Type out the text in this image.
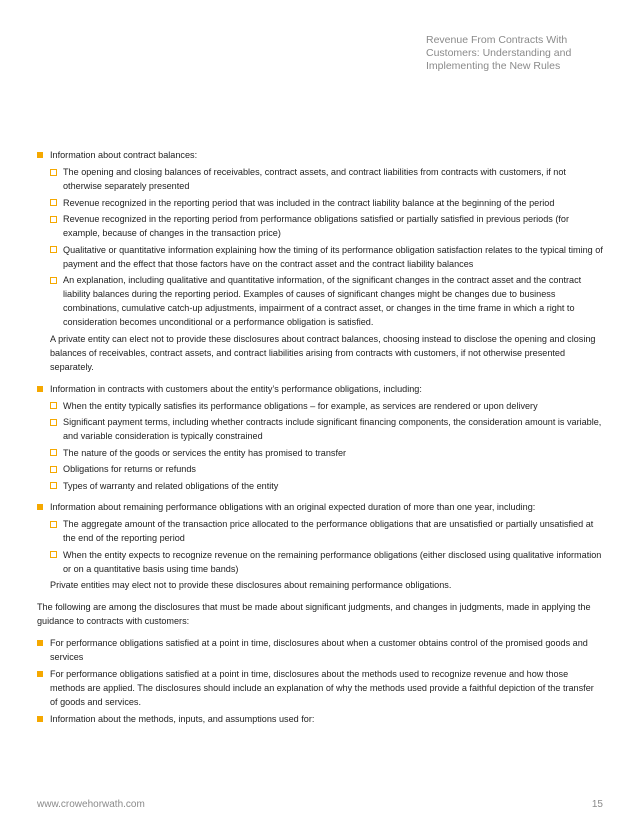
Revenue From Contracts With
Customers: Understanding and
Implementing the New Rules
Information about contract balances:
The opening and closing balances of receivables, contract assets, and contract liabilities from contracts with customers, if not otherwise separately presented
Revenue recognized in the reporting period that was included in the contract liability balance at the beginning of the period
Revenue recognized in the reporting period from performance obligations satisfied or partially satisfied in previous periods (for example, because of changes in the transaction price)
Qualitative or quantitative information explaining how the timing of its performance obligation satisfaction relates to the typical timing of payment and the effect that those factors have on the contract asset and the contract liability balances
An explanation, including qualitative and quantitative information, of the significant changes in the contract asset and the contract liability balances during the reporting period. Examples of causes of significant changes might be changes due to business combinations, cumulative catch-up adjustments, impairment of a contract asset, or changes in the time frame in which a right to consideration becomes unconditional or a performance obligation is satisfied.
A private entity can elect not to provide these disclosures about contract balances, choosing instead to disclose the opening and closing balances of receivables, contract assets, and contract liabilities arising from contracts with customers, if not otherwise presented separately.
Information in contracts with customers about the entity’s performance obligations, including:
When the entity typically satisfies its performance obligations – for example, as services are rendered or upon delivery
Significant payment terms, including whether contracts include significant financing components, the consideration amount is variable, and variable consideration is typically constrained
The nature of the goods or services the entity has promised to transfer
Obligations for returns or refunds
Types of warranty and related obligations of the entity
Information about remaining performance obligations with an original expected duration of more than one year, including:
The aggregate amount of the transaction price allocated to the performance obligations that are unsatisfied or partially unsatisfied at the end of the reporting period
When the entity expects to recognize revenue on the remaining performance obligations (either disclosed using qualitative information or on a quantitative basis using time bands)
Private entities may elect not to provide these disclosures about remaining performance obligations.
The following are among the disclosures that must be made about significant judgments, and changes in judgments, made in applying the guidance to contracts with customers:
For performance obligations satisfied at a point in time, disclosures about when a customer obtains control of the promised goods and services
For performance obligations satisfied at a point in time, disclosures about the methods used to recognize revenue and how those methods are applied. The disclosures should include an explanation of why the methods used provide a faithful depiction of the transfer of goods and services.
Information about the methods, inputs, and assumptions used for:
www.crowehorwath.com	15
